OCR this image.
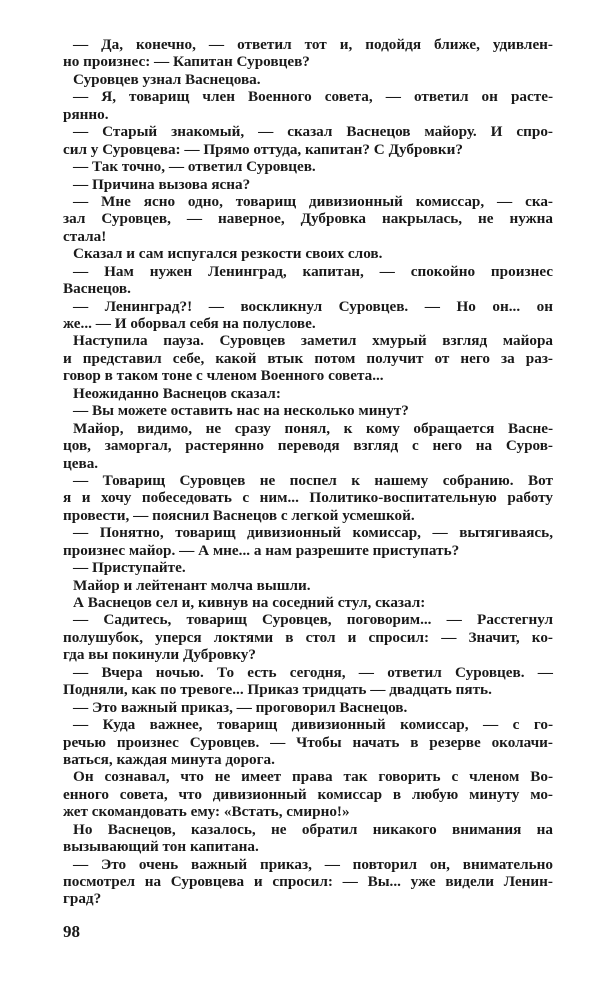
— Да, конечно, — ответил тот и, подойдя ближе, удивлен-
но произнес: — Капитан Суровцев?
Суровцев узнал Васнецова.
— Я, товарищ член Военного совета, — ответил он расте-
рянно.
— Старый знакомый, — сказал Васнецов майору. И спро-
сил у Суровцева: — Прямо оттуда, капитан? С Дубровки?
— Так точно, — ответил Суровцев.
— Причина вызова ясна?
— Мне ясно одно, товарищ дивизионный комиссар, — ска-
зал Суровцев, — наверное, Дубровка накрылась, не нужна
стала!
Сказал и сам испугался резкости своих слов.
— Нам нужен Ленинград, капитан, — спокойно произнес
Васнецов.
— Ленинград?! — воскликнул Суровцев. — Но он... он
же... — И оборвал себя на полуслове.
Наступила пауза. Суровцев заметил хмурый взгляд майора
и представил себе, какой втык потом получит от него за раз-
говор в таком тоне с членом Военного совета...
Неожиданно Васнецов сказал:
— Вы можете оставить нас на несколько минут?
Майор, видимо, не сразу понял, к кому обращается Васне-
цов, заморгал, растерянно переводя взгляд с него на Суров-
цева.
— Товарищ Суровцев не поспел к нашему собранию. Вот
я и хочу побеседовать с ним... Политико-воспитательную работу
провести, — пояснил Васнецов с легкой усмешкой.
— Понятно, товарищ дивизионный комиссар, — вытягиваясь,
произнес майор. — А мне... а нам разрешите приступать?
— Приступайте.
Майор и лейтенант молча вышли.
А Васнецов сел и, кивнув на соседний стул, сказал:
— Садитесь, товарищ Суровцев, поговорим... — Расстегнул
полушубок, уперся локтями в стол и спросил: — Значит, ко-
гда вы покинули Дубровку?
— Вчера ночью. То есть сегодня, — ответил Суровцев. —
Подняли, как по тревоге... Приказ тридцать — двадцать пять.
— Это важный приказ, — проговорил Васнецов.
— Куда важнее, товарищ дивизионный комиссар, — с го-
речью произнес Суровцев. — Чтобы начать в резерве околачи-
ваться, каждая минута дорога.
Он сознавал, что не имеет права так говорить с членом Во-
енного совета, что дивизионный комиссар в любую минуту мо-
жет скомандовать ему: «Встать, смирно!»
Но Васнецов, казалось, не обратил никакого внимания на
вызывающий тон капитана.
— Это очень важный приказ, — повторил он, внимательно
посмотрел на Суровцева и спросил: — Вы... уже видели Ленин-
град?
98
